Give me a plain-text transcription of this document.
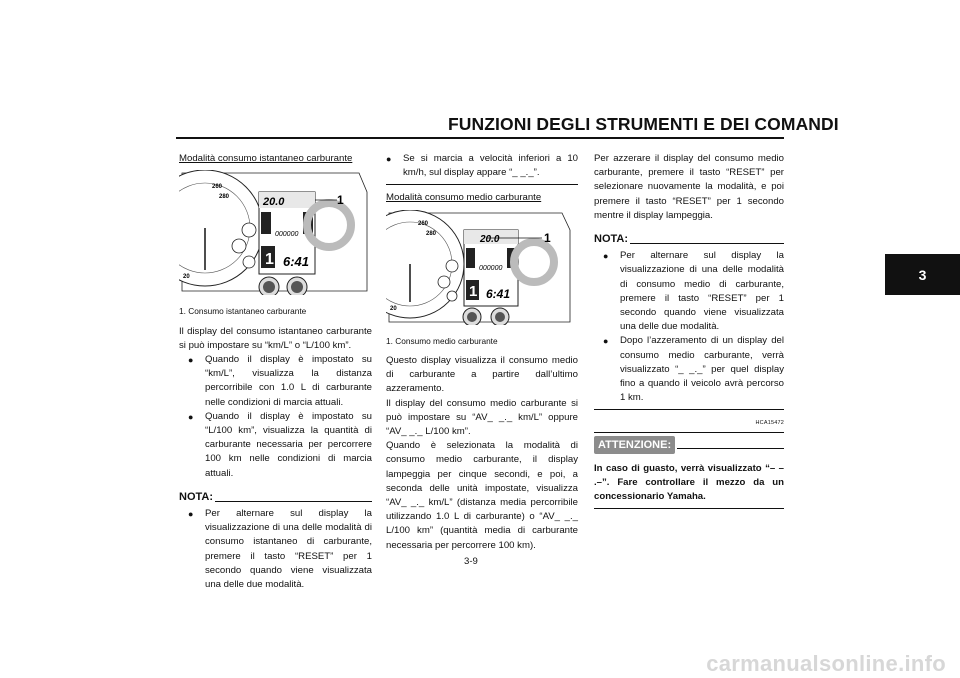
FUNZIONI DEGLI STRUMENTI E DEI COMANDI
3
Modalità consumo istantaneo carburante
260
280
20
20.0
000000
1 6:41
1
1. Consumo istantaneo carburante
Il display del consumo istantaneo carburante si può impostare su “km/L” o “L/100 km”.
● Quando il display è impostato su “km/L”, visualizza la distanza percorribile con 1.0 L di carburante nelle condizioni di marcia attuali.
● Quando il display è impostato su “L/100 km”, visualizza la quantità di carburante necessaria per percorrere 100 km nelle condizioni di marcia attuali.
NOTA:
● Per alternare sul display la visualizzazione di una delle modalità di consumo istantaneo di carburante, premere il tasto “RESET” per 1 secondo quando viene visualizzata una delle due modalità.
● Se si marcia a velocità inferiori a 10 km/h, sul display appare “_ _._”.
Modalità consumo medio carburante
260
280
20
20.0
000000
1 6:41
1
1. Consumo medio carburante
Questo display visualizza il consumo medio di carburante a partire dall’ultimo azzeramento.
Il display del consumo medio carburante si può impostare su “AV_ _._ km/L” oppure “AV_ _._ L/100 km”.
Quando è selezionata la modalità di consumo medio carburante, il display lampeggia per cinque secondi, e poi, a seconda delle unità impostate, visualizza “AV_ _._ km/L” (distanza media percorribile utilizzando 1.0 L di carburante) o “AV_ _._ L/100 km” (quantità media di carburante necessaria per percorrere 100 km).
Per azzerare il display del consumo medio carburante, premere il tasto “RESET” per selezionare nuovamente la modalità, e poi premere il tasto “RESET” per 1 secondo mentre il display lampeggia.
NOTA:
● Per alternare sul display la visualizzazione di una delle modalità di consumo medio di carburante, premere il tasto “RESET” per 1 secondo quando viene visualizzata una delle due modalità.
● Dopo l’azzeramento di un display del consumo medio carburante, verrà visualizzato “_ _._” per quel display fino a quando il veicolo avrà percorso 1 km.
HCA15472
ATTENZIONE:
In caso di guasto, verrà visualizzato “– – .–”. Fare controllare il mezzo da un concessionario Yamaha.
3-9
carmanualsonline.info
